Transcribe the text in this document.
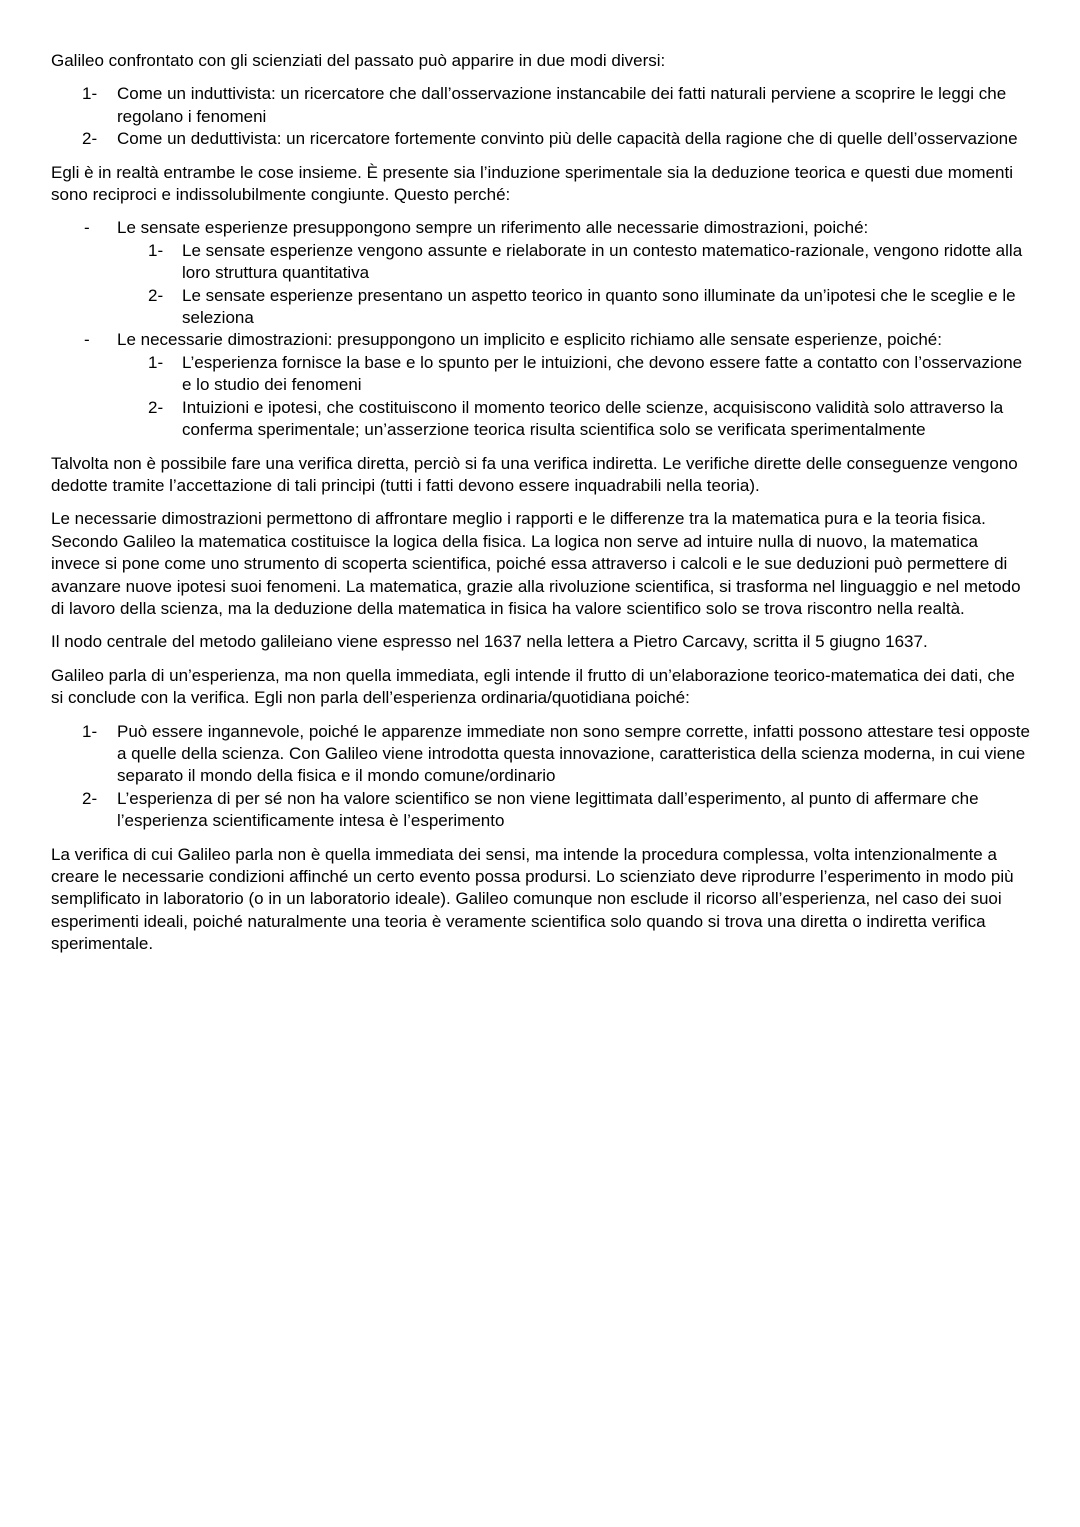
Galileo confrontato con gli scienziati del passato può apparire in due modi diversi:

1-	Come un induttivista: un ricercatore che dall’osservazione instancabile dei fatti naturali perviene a scoprire le leggi che regolano i fenomeni
2-	Come un deduttivista: un ricercatore fortemente convinto più delle capacità della ragione che di quelle dell’osservazione

Egli è in realtà entrambe le cose insieme. È presente sia l’induzione sperimentale sia la deduzione teorica e questi due momenti sono reciproci e indissolubilmente congiunte. Questo perché:

-	Le sensate esperienze presuppongono sempre un riferimento alle necessarie dimostrazioni, poiché:
1-	Le sensate esperienze vengono assunte e rielaborate in un contesto matematico-razionale, vengono ridotte alla loro struttura quantitativa
2-	Le sensate esperienze presentano un aspetto teorico in quanto sono illuminate da un’ipotesi che le sceglie e le seleziona
-	Le necessarie dimostrazioni: presuppongono un implicito e esplicito richiamo alle sensate esperienze, poiché:
1-	L’esperienza fornisce la base e lo spunto per le intuizioni, che devono essere fatte a contatto con l’osservazione e lo studio dei fenomeni
2-	Intuizioni e ipotesi, che costituiscono il momento teorico delle scienze, acquisiscono validità solo attraverso la conferma sperimentale; un’asserzione teorica risulta scientifica solo se verificata sperimentalmente

Talvolta non è possibile fare una verifica diretta, perciò si fa una verifica indiretta. Le verifiche dirette delle conseguenze vengono dedotte tramite l’accettazione di tali principi (tutti i fatti devono essere inquadrabili nella teoria).

Le necessarie dimostrazioni permettono di affrontare meglio i rapporti e le differenze tra la matematica pura e la teoria fisica. Secondo Galileo la matematica costituisce la logica della fisica. La logica non serve ad intuire nulla di nuovo, la matematica invece si pone come uno strumento di scoperta scientifica, poiché essa attraverso i calcoli e le sue deduzioni può permettere di avanzare nuove ipotesi suoi fenomeni. La matematica, grazie alla rivoluzione scientifica, si trasforma nel linguaggio e nel metodo di lavoro della scienza, ma la deduzione della matematica in fisica ha valore scientifico solo se trova riscontro nella realtà.

Il nodo centrale del metodo galileiano viene espresso nel 1637 nella lettera a Pietro Carcavy, scritta il 5 giugno 1637.

Galileo parla di un’esperienza, ma non quella immediata, egli intende il frutto di un’elaborazione teorico-matematica dei dati, che si conclude con la verifica. Egli non parla dell’esperienza ordinaria/quotidiana poiché:

1-	Può essere ingannevole, poiché le apparenze immediate non sono sempre corrette, infatti possono attestare tesi opposte a quelle della scienza. Con Galileo viene introdotta questa innovazione, caratteristica della scienza moderna, in cui viene separato il mondo della fisica e il mondo comune/ordinario
2-	L’esperienza di per sé non ha valore scientifico se non viene legittimata dall’esperimento, al punto di affermare che l’esperienza scientificamente intesa è l’esperimento

La verifica di cui Galileo parla non è quella immediata dei sensi, ma intende la procedura complessa, volta intenzionalmente a creare le necessarie condizioni affinché un certo evento possa prodursi. Lo scienziato deve riprodurre l’esperimento in modo più semplificato in laboratorio (o in un laboratorio ideale). Galileo comunque non esclude il ricorso all’esperienza, nel caso dei suoi esperimenti ideali, poiché naturalmente una teoria è veramente scientifica solo quando si trova una diretta o indiretta verifica sperimentale.
